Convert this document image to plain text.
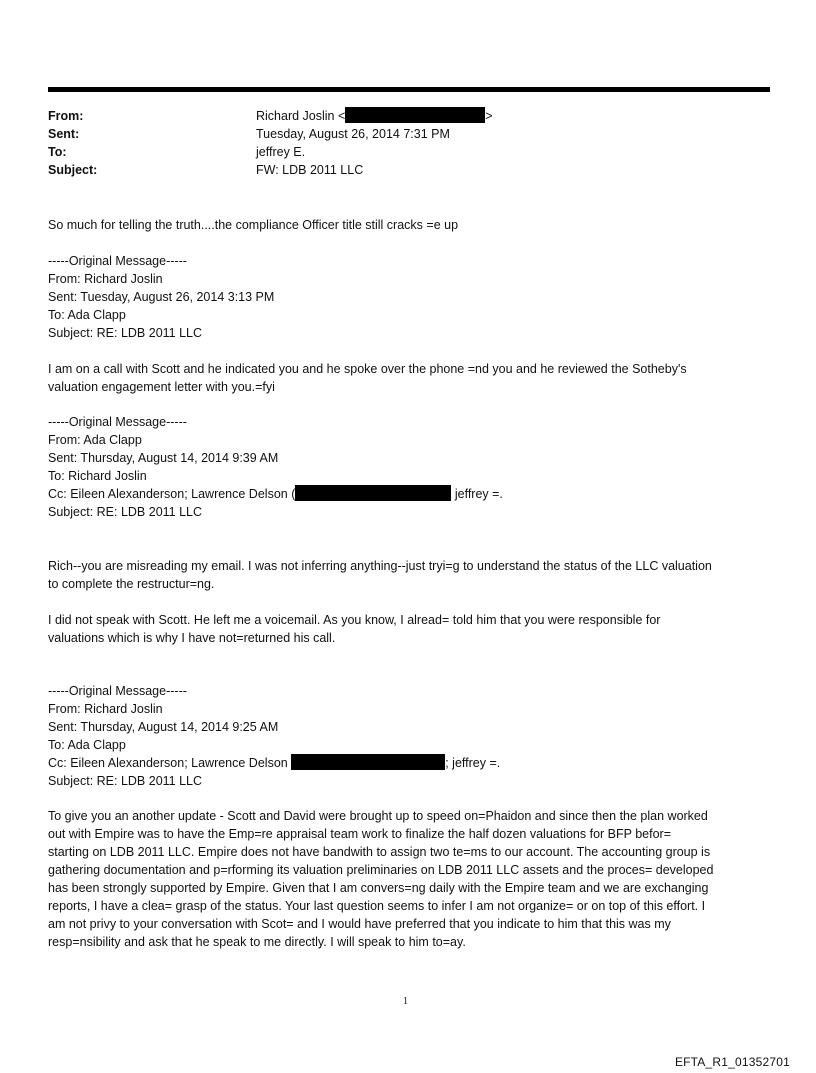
From:	Richard Joslin <	>
Sent:	Tuesday, August 26, 2014 7:31 PM
To:	jeffrey E.
Subject:	FW: LDB 2011 LLC
So much for telling the truth....the compliance Officer title still cracks =e up
-----Original Message-----
From: Richard Joslin
Sent: Tuesday, August 26, 2014 3:13 PM
To: Ada Clapp
Subject: RE: LDB 2011 LLC
I am on a call with Scott and he indicated you and he spoke over the phone =nd you and he reviewed the Sotheby's
valuation engagement letter with you.=fyi
-----Original Message-----
From: Ada Clapp
Sent: Thursday, August 14, 2014 9:39 AM
To: Richard Joslin
Cc: Eileen Alexanderson; Lawrence Delson (	jeffrey =.
Subject: RE: LDB 2011 LLC
Rich--you are misreading my email. I was not inferring anything--just tryi=g to understand the status of the LLC valuation
to complete the restructur=ng.
I did not speak with Scott. He left me a voicemail. As you know, I alread= told him that you were responsible for
valuations which is why I have not=returned his call.
-----Original Message-----
From: Richard Joslin
Sent: Thursday, August 14, 2014 9:25 AM
To: Ada Clapp
Cc: Eileen Alexanderson; Lawrence Delson	; jeffrey =.
Subject: RE: LDB 2011 LLC
To give you an another update - Scott and David were brought up to speed on=Phaidon and since then the plan worked
out with Empire was to have the Emp=re appraisal team work to finalize the half dozen valuations for BFP befor=
starting on LDB 2011 LLC. Empire does not have bandwith to assign two te=ms to our account. The accounting group is
gathering documentation and p=rforming its valuation preliminaries on LDB 2011 LLC assets and the proces= developed
has been strongly supported by Empire. Given that I am convers=ng daily with the Empire team and we are exchanging
reports, I have a clea= grasp of the status. Your last question seems to infer I am not organize= or on top of this effort. I
am not privy to your conversation with Scot= and I would have preferred that you indicate to him that this was my
resp=nsibility and ask that he speak to me directly. I will speak to him to=ay.
1
EFTA_R1_01352701
